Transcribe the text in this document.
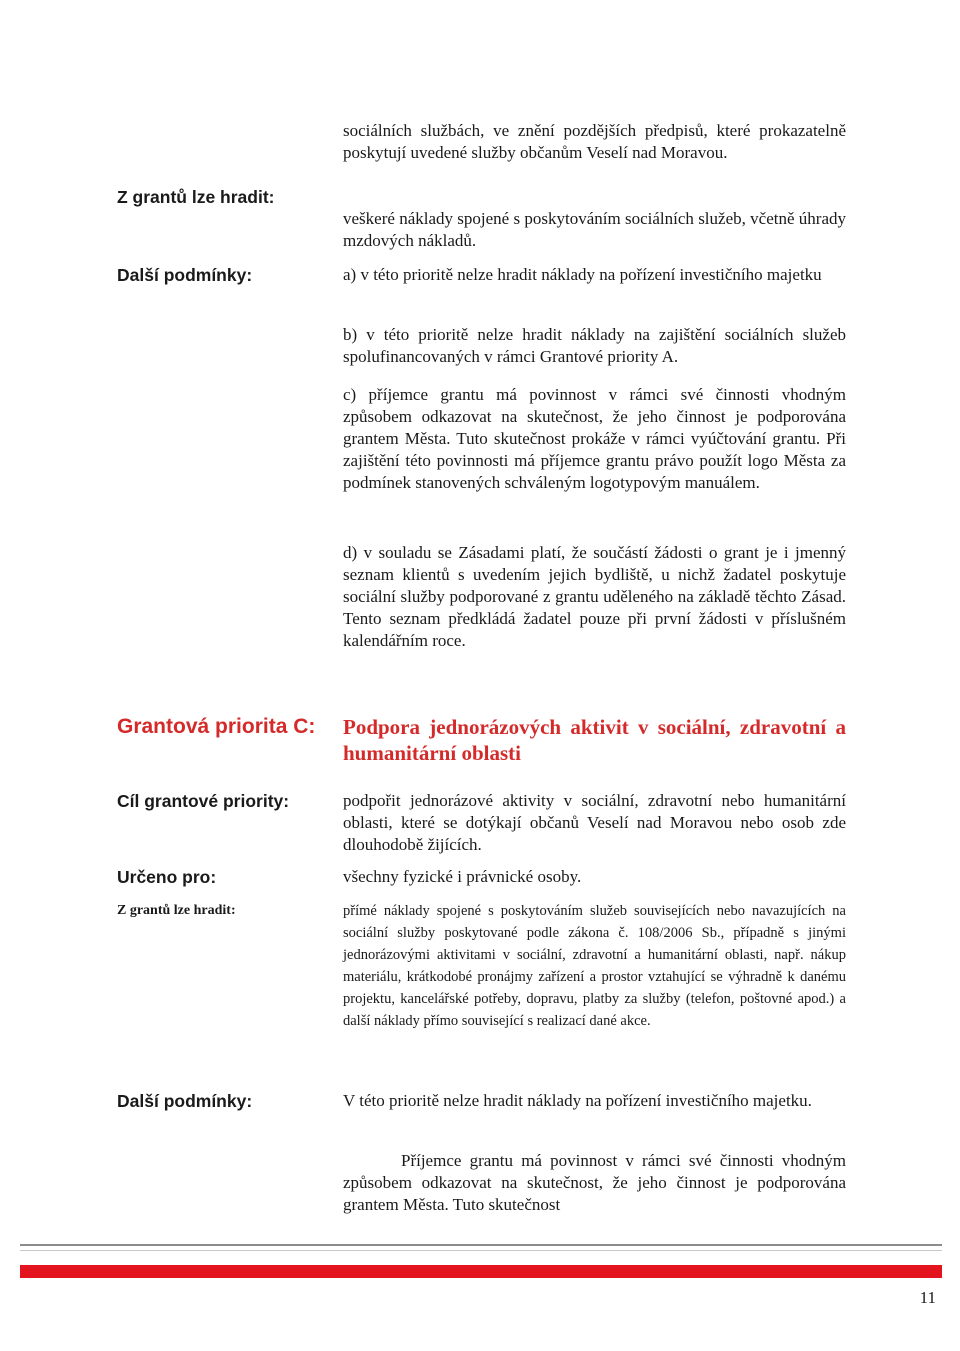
sociálních službách, ve znění pozdějších předpisů, které prokazatelně poskytují uvedené služby občanům Veselí nad Moravou.

Z grantů lze hradit:

veškeré náklady spojené s poskytováním sociálních služeb, včetně úhrady mzdových nákladů.

Další podmínky:	a) v této prioritě nelze hradit náklady na pořízení investičního majetku

b) v této prioritě nelze hradit náklady na zajištění sociálních služeb spolufinancovaných v rámci Grantové priority A.

c) příjemce grantu má povinnost v rámci své činnosti vhodným způsobem odkazovat na skutečnost, že jeho činnost je podporována grantem Města. Tuto skutečnost prokáže v rámci vyúčtování grantu. Při zajištění této povinnosti má příjemce grantu právo použít logo Města za podmínek stanovených schváleným logotypovým manuálem.

d) v souladu se Zásadami platí, že součástí žádosti o grant je i jmenný seznam klientů s uvedením jejich bydliště, u nichž žadatel poskytuje sociální služby podporované z grantu uděleného na základě těchto Zásad. Tento seznam předkládá žadatel pouze při první žádosti v příslušném kalendářním roce.

Grantová priorita C:	Podpora jednorázových aktivit v sociální, zdravotní a humanitární oblasti

Cíl grantové priority:	podpořit jednorázové aktivity v sociální, zdravotní nebo humanitární oblasti, které se dotýkají občanů Veselí nad Moravou nebo osob zde dlouhodobě žijících.

Určeno pro:	všechny fyzické i právnické osoby.

Z grantů lze hradit:	přímé náklady spojené s poskytováním služeb souvisejících nebo navazujících na sociální služby poskytované podle zákona č. 108/2006 Sb., případně s jinými jednorázovými aktivitami v sociální, zdravotní a humanitární oblasti, např. nákup materiálu, krátkodobé pronájmy zařízení a prostor vztahující se výhradně k danému projektu, kancelářské potřeby, dopravu, platby za služby (telefon, poštovné apod.) a další náklady přímo související s realizací dané akce.

Další podmínky:	V této prioritě nelze hradit náklady na pořízení investičního majetku.

Příjemce grantu má povinnost v rámci své činnosti vhodným způsobem odkazovat na skutečnost, že jeho činnost je podporována grantem Města. Tuto skutečnost

11
